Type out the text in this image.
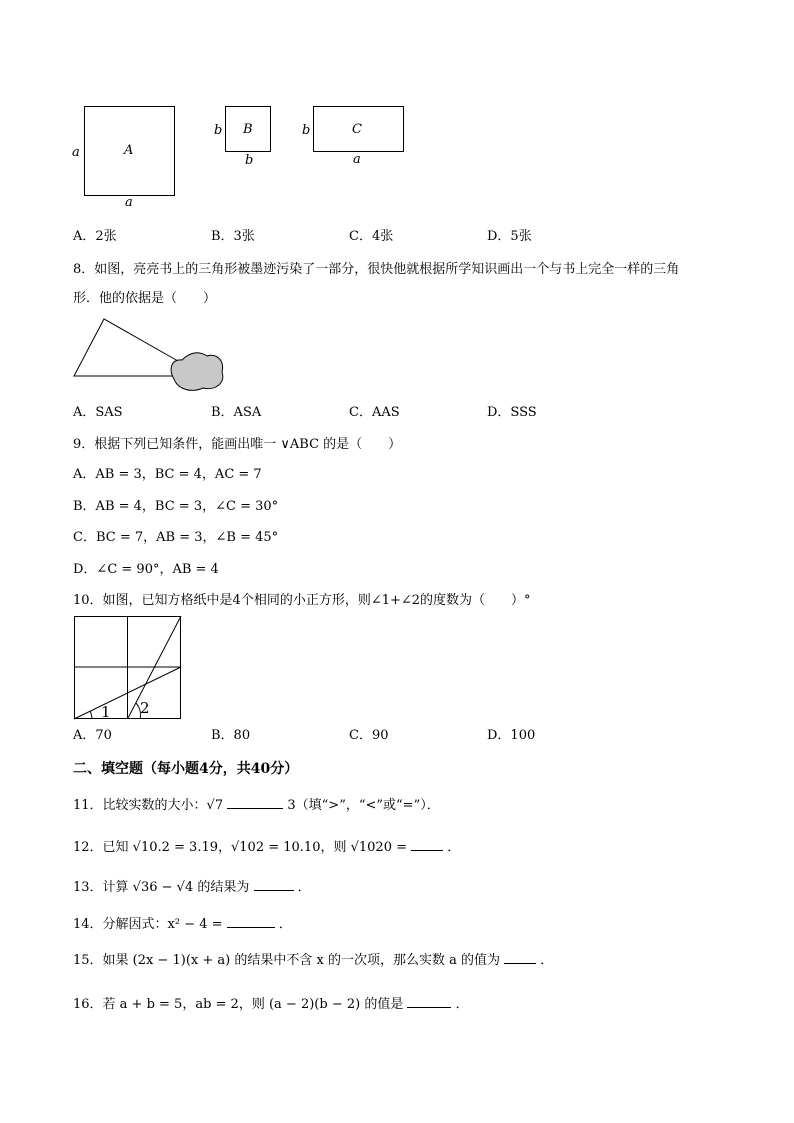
A
a
a
B
b
b
C
b
a
A．2张	B．3张	C．4张	D．5张
8．如图，亮亮书上的三角形被墨迹污染了一部分，很快他就根据所学知识画出一个与书上完全一样的三角
形．他的依据是（　　）
A．SAS	B．ASA	C．AAS	D．SSS
9．根据下列已知条件，能画出唯一 ∨ABC 的是（　　）
A．AB = 3，BC = 4，AC = 7
B．AB = 4，BC = 3，∠C = 30°
C．BC = 7，AB = 3，∠B = 45°
D．∠C = 90°，AB = 4
10．如图，已知方格纸中是4个相同的小正方形，则∠1+∠2的度数为（　　）°
1 2
A．70	B．80	C．90	D．100
二、填空题（每小题4分，共40分）
11．比较实数的大小：√7	3（填“>”，“<”或“=”）．
12．已知 √10.2 = 3.19，√102 = 10.10，则 √1020 =	．
13．计算 √36 − √4 的结果为	．
14．分解因式：x² − 4 =	．
15．如果 (2x − 1)(x + a) 的结果中不含 x 的一次项，那么实数 a 的值为	．
16．若 a + b = 5，ab = 2，则 (a − 2)(b − 2) 的值是	．
